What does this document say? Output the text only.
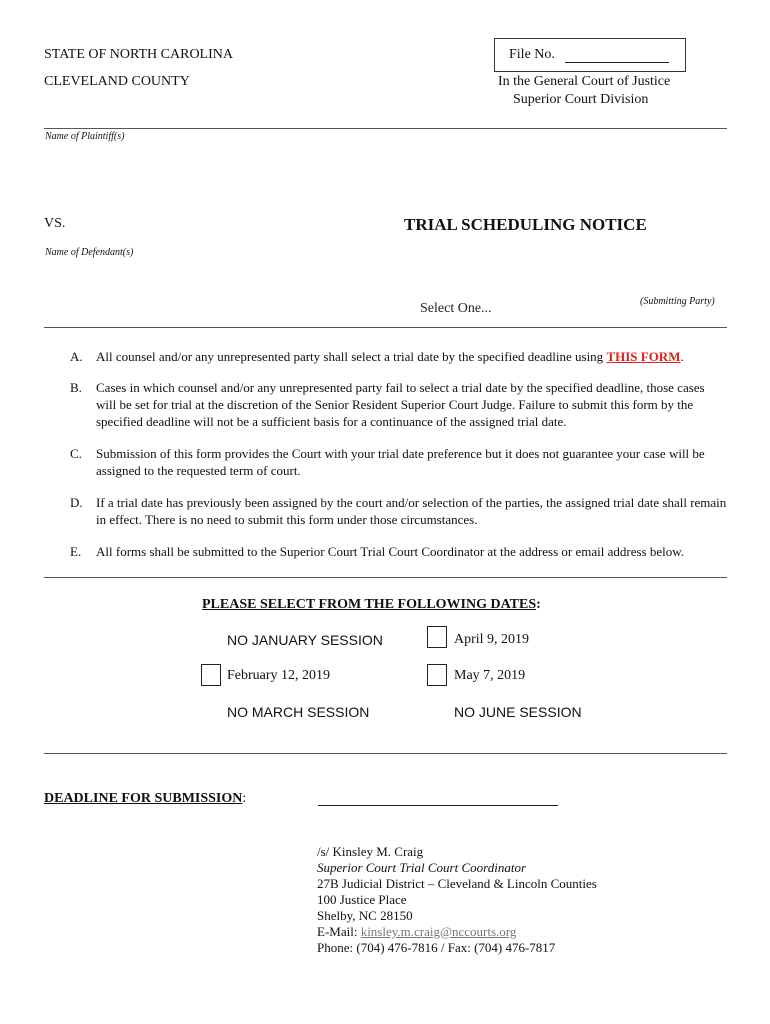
STATE OF NORTH CAROLINA
CLEVELAND COUNTY
File No.
In the General Court of Justice
Superior Court Division
Name of Plaintiff(s)
VS.	TRIAL SCHEDULING NOTICE
Name of Defendant(s)
Select One...	(Submitting Party)
A. All counsel and/or any unrepresented party shall select a trial date by the specified deadline using THIS FORM.
B. Cases in which counsel and/or any unrepresented party fail to select a trial date by the specified deadline, those cases will be set for trial at the discretion of the Senior Resident Superior Court Judge. Failure to submit this form by the specified deadline will not be a sufficient basis for a continuance of the assigned trial date.
C. Submission of this form provides the Court with your trial date preference but it does not guarantee your case will be assigned to the requested term of court.
D. If a trial date has previously been assigned by the court and/or selection of the parties, the assigned trial date shall remain in effect. There is no need to submit this form under those circumstances.
E. All forms shall be submitted to the Superior Court Trial Court Coordinator at the address or email address below.
PLEASE SELECT FROM THE FOLLOWING DATES:
NO JANUARY SESSION	April 9, 2019
February 12, 2019	May 7, 2019
NO MARCH SESSION	NO JUNE SESSION
DEADLINE FOR SUBMISSION:
/s/ Kinsley M. Craig
Superior Court Trial Court Coordinator
27B Judicial District – Cleveland & Lincoln Counties
100 Justice Place
Shelby, NC 28150
E-Mail: kinsley.m.craig@nccourts.org
Phone: (704) 476-7816 / Fax: (704) 476-7817
